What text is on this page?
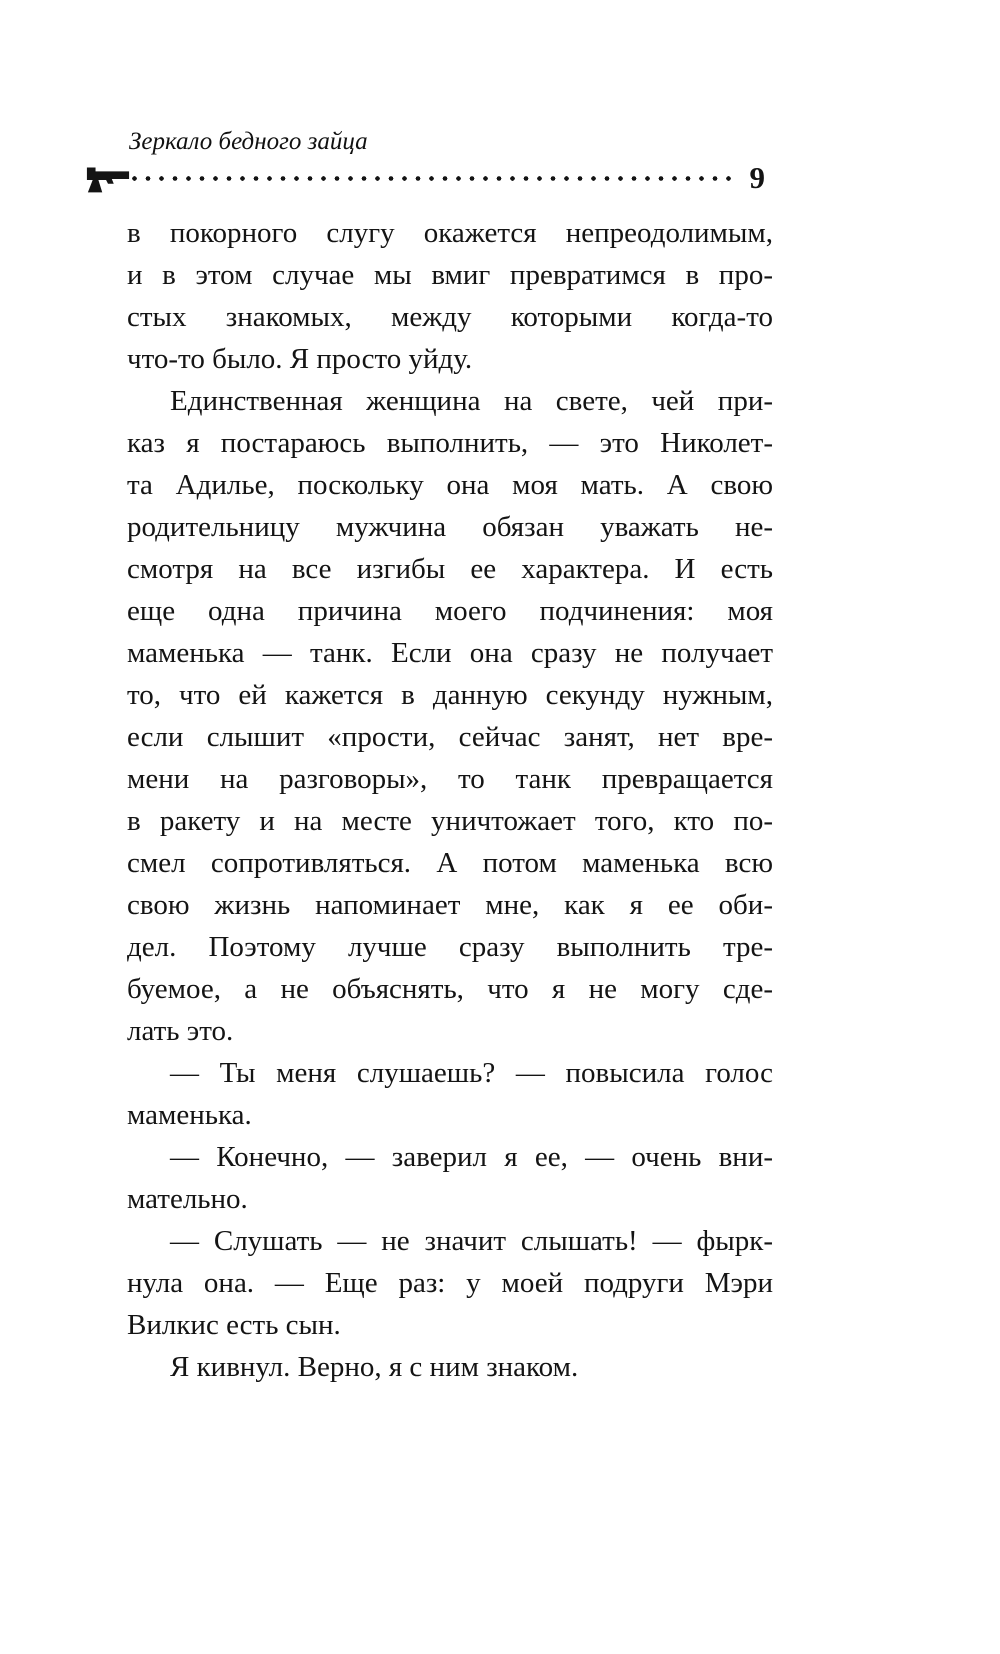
Зеркало бедного зайца
9
в покорного слугу окажется непреодолимым,
и в этом случае мы вмиг превратимся в про-
стых знакомых, между которыми когда-то
что-то было. Я просто уйду.
Единственная женщина на свете, чей при-
каз я постараюсь выполнить, — это Николет-
та Адилье, поскольку она моя мать. А свою
родительницу мужчина обязан уважать не-
смотря на все изгибы ее характера. И есть
еще одна причина моего подчинения: моя
маменька — танк. Если она сразу не получает
то, что ей кажется в данную секунду нужным,
если слышит «прости, сейчас занят, нет вре-
мени на разговоры», то танк превращается
в ракету и на месте уничтожает того, кто по-
смел сопротивляться. А потом маменька всю
свою жизнь напоминает мне, как я ее оби-
дел. Поэтому лучше сразу выполнить тре-
буемое, а не объяснять, что я не могу сде-
лать это.
— Ты меня слушаешь? — повысила голос
маменька.
— Конечно, — заверил я ее, — очень вни-
мательно.
— Слушать — не значит слышать! — фырк-
нула она. — Еще раз: у моей подруги Мэри
Вилкис есть сын.
Я кивнул. Верно, я с ним знаком.
